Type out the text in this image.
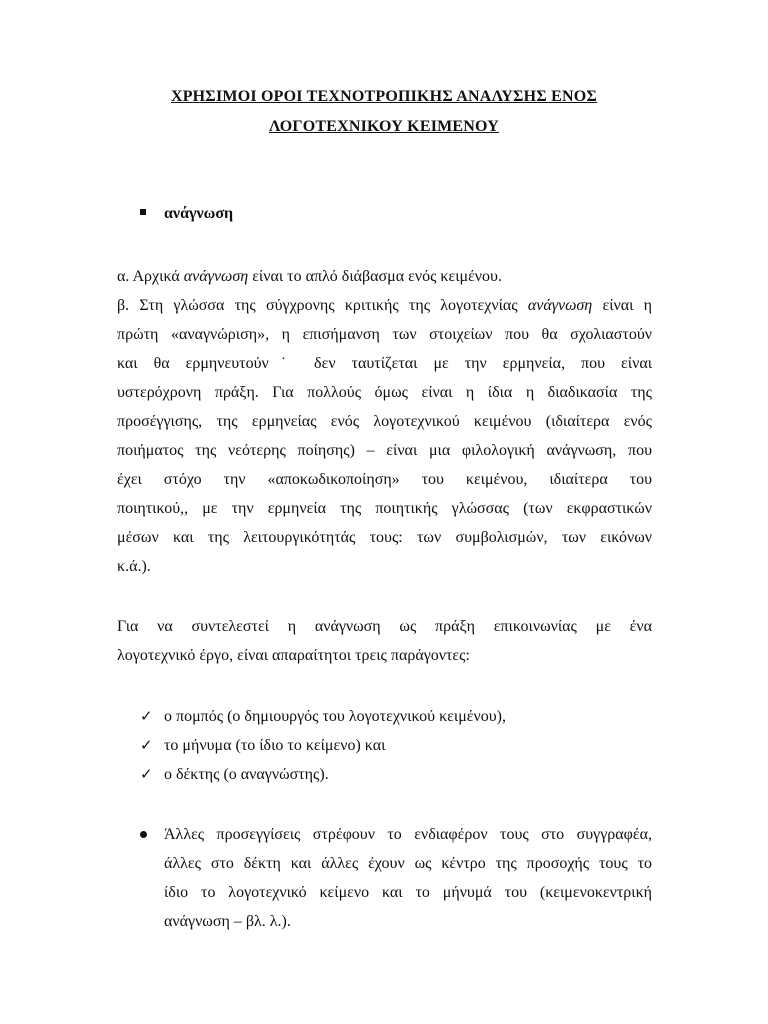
ΧΡΗΣΙΜΟΙ ΟΡΟΙ ΤΕΧΝΟΤΡΟΠΙΚΗΣ ΑΝΑΛΥΣΗΣ ΕΝΟΣ
ΛΟΓΟΤΕΧΝΙΚΟΥ ΚΕΙΜΕΝΟΥ
ανάγνωση
α. Αρχικά ανάγνωση είναι το απλό διάβασμα ενός κειμένου.
β. Στη γλώσσα της σύγχρονης κριτικής της λογοτεχνίας ανάγνωση είναι η
πρώτη «αναγνώριση», η επισήμανση των στοιχείων που θα σχολιαστούν
και θα ερμηνευτούν˙ δεν ταυτίζεται με την ερμηνεία, που είναι
υστερόχρονη πράξη. Για πολλούς όμως είναι η ίδια η διαδικασία της
προσέγγισης, της ερμηνείας ενός λογοτεχνικού κειμένου (ιδιαίτερα ενός
ποιήματος της νεότερης ποίησης) – είναι μια φιλολογική ανάγνωση, που
έχει στόχο την «αποκωδικοποίηση» του κειμένου, ιδιαίτερα του
ποιητικού,, με την ερμηνεία της ποιητικής γλώσσας (των εκφραστικών
μέσων και της λειτουργικότητάς τους: των συμβολισμών, των εικόνων
κ.ά.).
Για να συντελεστεί η ανάγνωση ως πράξη επικοινωνίας με ένα
λογοτεχνικό έργο, είναι απαραίτητοι τρεις παράγοντες:
✓ ο πομπός (ο δημιουργός του λογοτεχνικού κειμένου),
✓ το μήνυμα (το ίδιο το κείμενο) και
✓ ο δέκτης (ο αναγνώστης).
Άλλες προσεγγίσεις στρέφουν το ενδιαφέρον τους στο συγγραφέα,
άλλες στο δέκτη και άλλες έχουν ως κέντρο της προσοχής τους το
ίδιο το λογοτεχνικό κείμενο και το μήνυμά του (κειμενοκεντρική
ανάγνωση – βλ. λ.).
